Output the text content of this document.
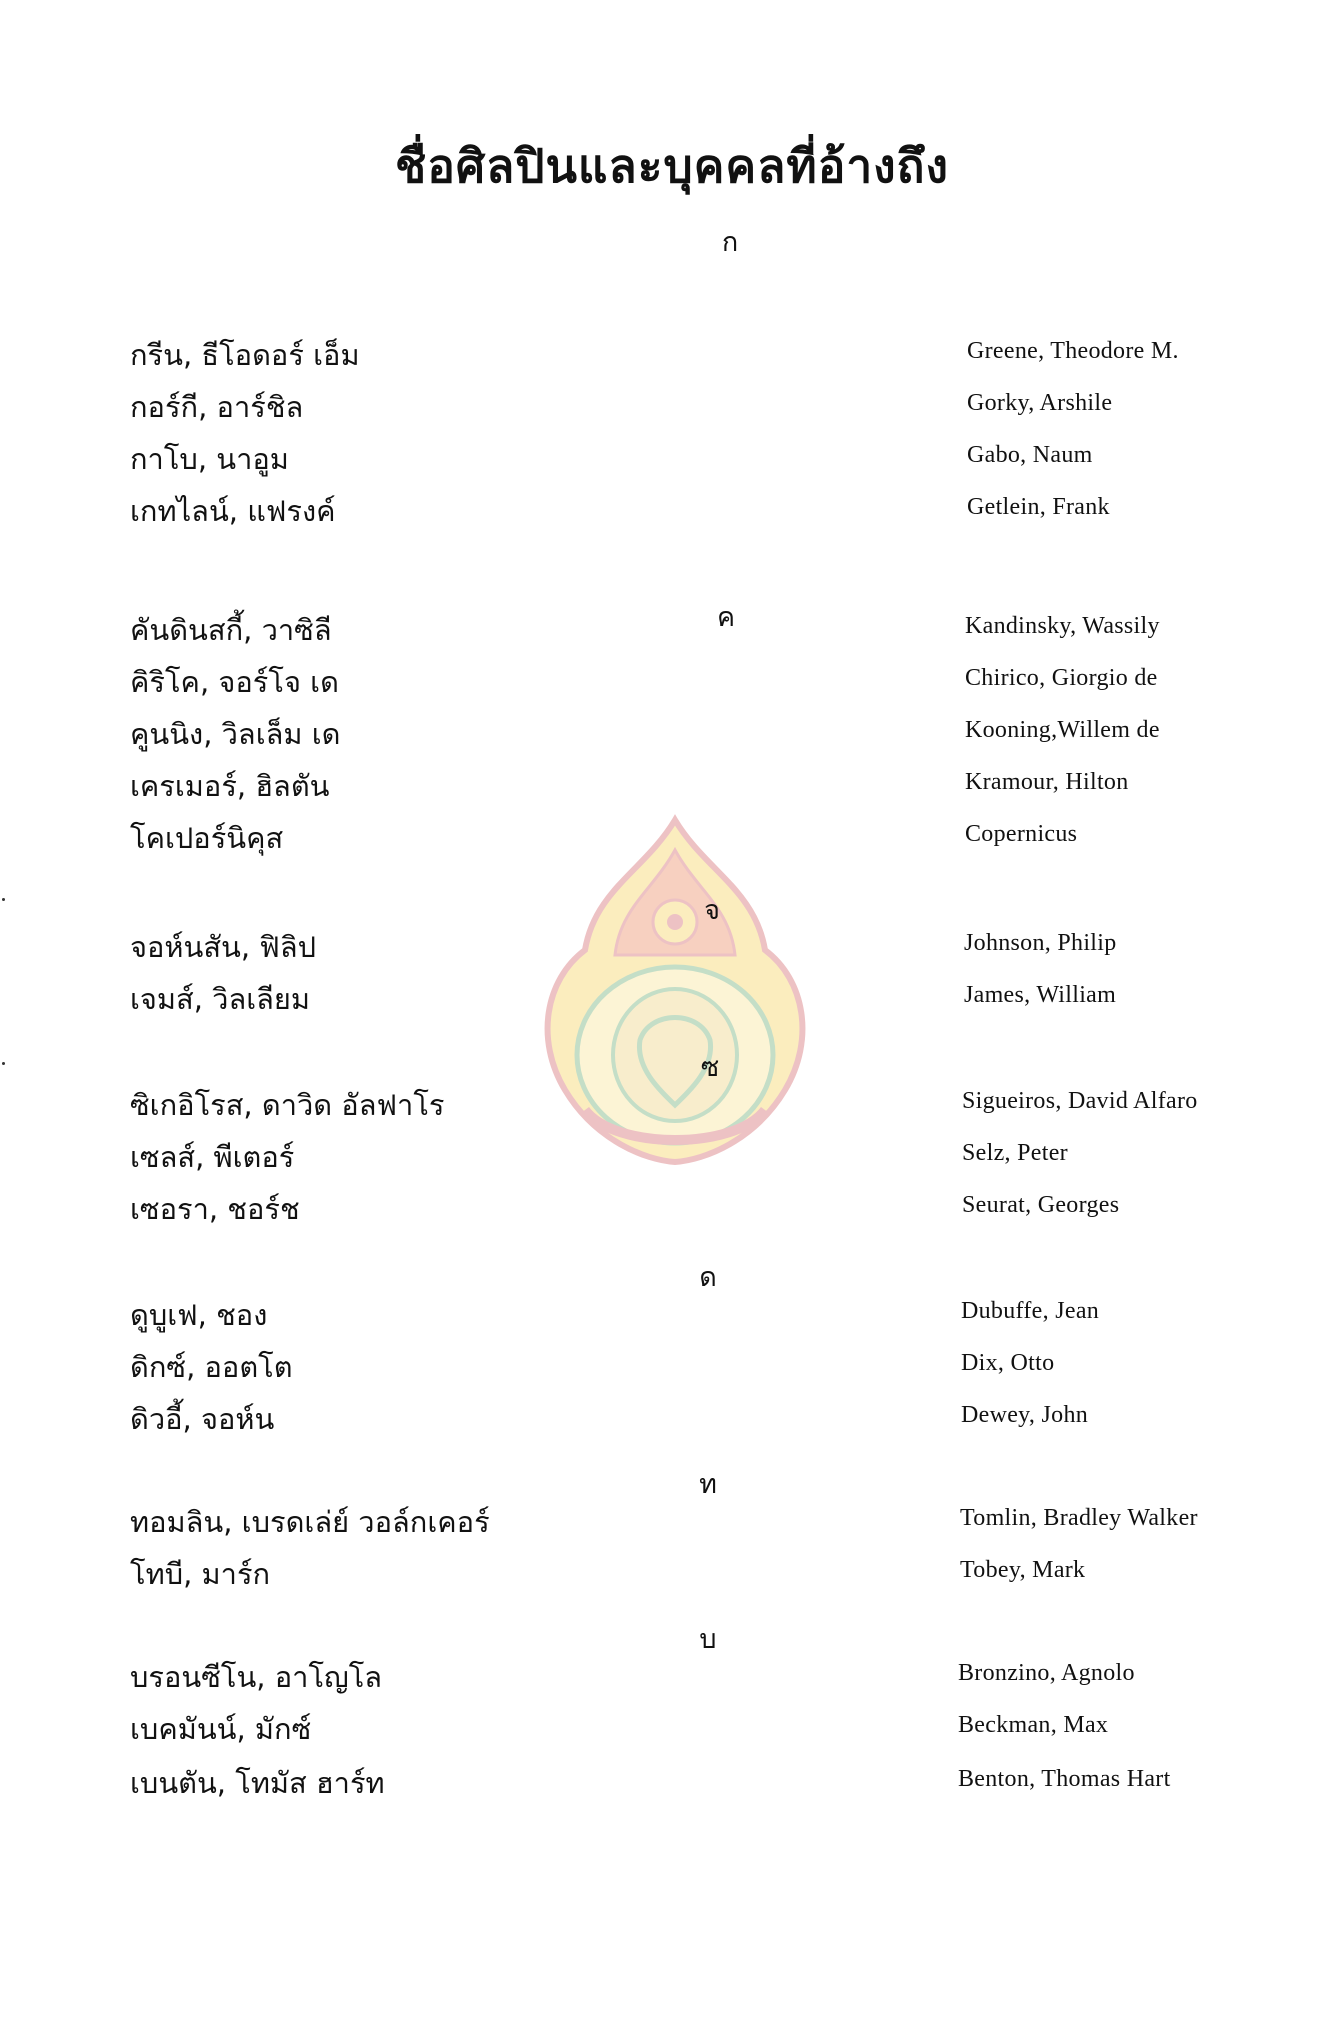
ชื่อศิลปินและบุคคลที่อ้างถึง
ก
กรีน, ธีโอดอร์ เอ็ม	Greene, Theodore M.
กอร์กี, อาร์ชิล	Gorky, Arshile
กาโบ, นาอูม	Gabo, Naum
เกทไลน์, แฟรงค์	Getlein, Frank
ค
คันดินสกี้, วาซิลี	Kandinsky, Wassily
คิริโค, จอร์โจ เด	Chirico, Giorgio de
คูนนิง, วิลเล็ม เด	Kooning,Willem de
เครเมอร์, ฮิลตัน	Kramour, Hilton
โคเปอร์นิคุส	Copernicus
จ
จอห์นสัน, ฟิลิป	Johnson, Philip
เจมส์, วิลเลียม	James, William
ซ
ซิเกอิโรส, ดาวิด อัลฟาโร	Sigueiros, David Alfaro
เซลส์, พีเตอร์	Selz, Peter
เซอรา, ชอร์ช	Seurat, Georges
ด
ดูบูเฟ, ชอง	Dubuffe, Jean
ดิกซ์, ออตโต	Dix, Otto
ดิวอี้, จอห์น	Dewey, John
ท
ทอมลิน, เบรดเล่ย์ วอล์กเคอร์	Tomlin, Bradley Walker
โทบี, มาร์ก	Tobey, Mark
บ
บรอนซีโน, อาโญโล	Bronzino, Agnolo
เบคมันน์, มักซ์	Beckman, Max
เบนตัน, โทมัส ฮาร์ท	Benton, Thomas Hart
